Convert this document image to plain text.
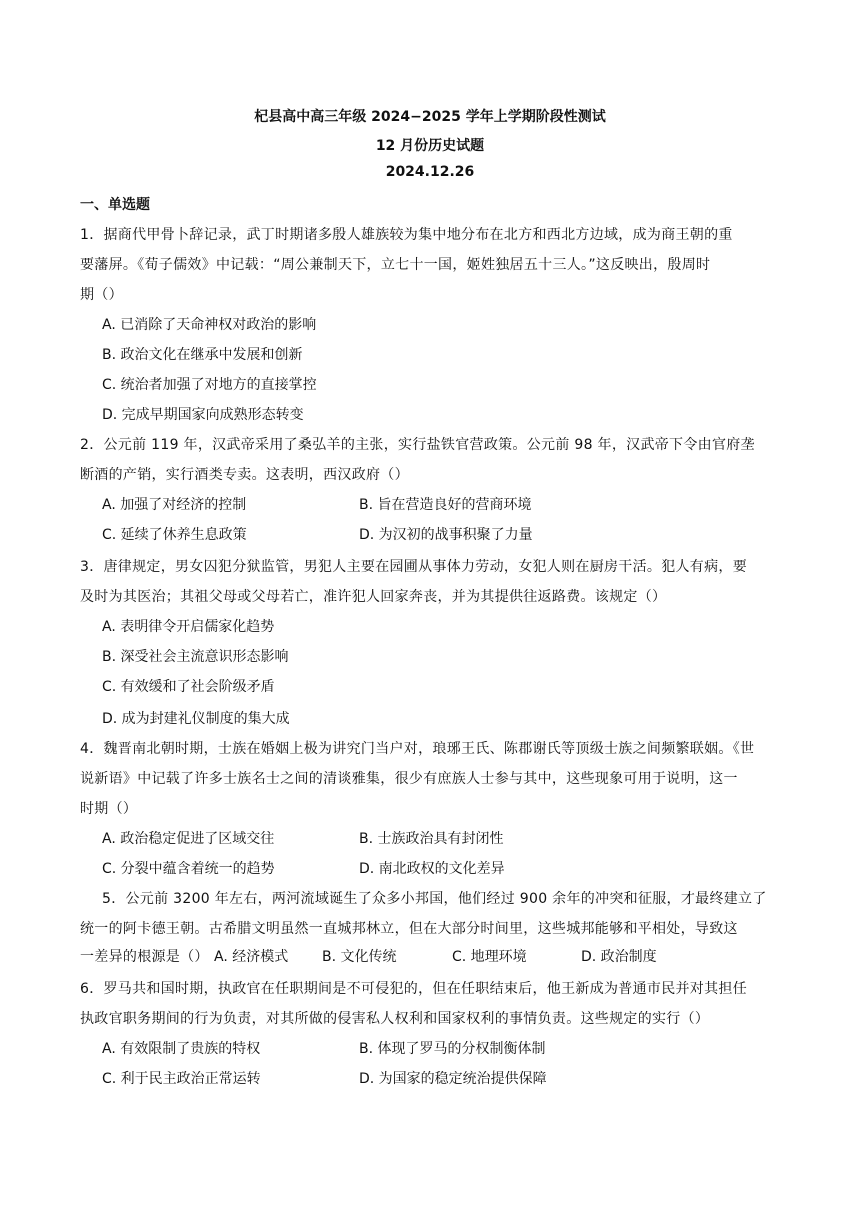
杞县高中高三年级 2024−2025 学年上学期阶段性测试
12 月份历史试题
2024.12.26
一、单选题
1．据商代甲骨卜辞记录，武丁时期诸多殷人雄族较为集中地分布在北方和西北方边域，成为商王朝的重
要藩屏。《荀子儒效》中记载：“周公兼制天下，立七十一国，姬姓独居五十三人。”这反映出，殷周时
期（）
A. 已消除了天命神权对政治的影响
B. 政治文化在继承中发展和创新
C. 统治者加强了对地方的直接掌控
D. 完成早期国家向成熟形态转变
2．公元前 119 年，汉武帝采用了桑弘羊的主张，实行盐铁官营政策。公元前 98 年，汉武帝下令由官府垄
断酒的产销，实行酒类专卖。这表明，西汉政府（）
A. 加强了对经济的控制	B. 旨在营造良好的营商环境
C. 延续了休养生息政策	D. 为汉初的战事积聚了力量
3．唐律规定，男女囚犯分狱监管，男犯人主要在园圃从事体力劳动，女犯人则在厨房干活。犯人有病，要
及时为其医治；其祖父母或父母若亡，准许犯人回家奔丧，并为其提供往返路费。该规定（）
A. 表明律令开启儒家化趋势
B. 深受社会主流意识形态影响
C. 有效缓和了社会阶级矛盾
D. 成为封建礼仪制度的集大成
4．魏晋南北朝时期，士族在婚姻上极为讲究门当户对，琅琊王氏、陈郡谢氏等顶级士族之间频繁联姻。《世
说新语》中记载了许多士族名士之间的清谈雅集，很少有庶族人士参与其中，这些现象可用于说明，这一
时期（）
A. 政治稳定促进了区域交往	B. 士族政治具有封闭性
C. 分裂中蕴含着统一的趋势	D. 南北政权的文化差异
5．公元前 3200 年左右，两河流域诞生了众多小邦国，他们经过 900 余年的冲突和征服，才最终建立了
统一的阿卡德王朝。古希腊文明虽然一直城邦林立，但在大部分时间里，这些城邦能够和平相处，导致这
一差异的根源是（） A. 经济模式 B. 文化传统	C. 地理环境	D. 政治制度
6．罗马共和国时期，执政官在任职期间是不可侵犯的，但在任职结束后，他王新成为普通市民并对其担任
执政官职务期间的行为负责，对其所做的侵害私人权利和国家权利的事情负责。这些规定的实行（）
A. 有效限制了贵族的特权	B. 体现了罗马的分权制衡体制
C. 利于民主政治正常运转	D. 为国家的稳定统治提供保障
